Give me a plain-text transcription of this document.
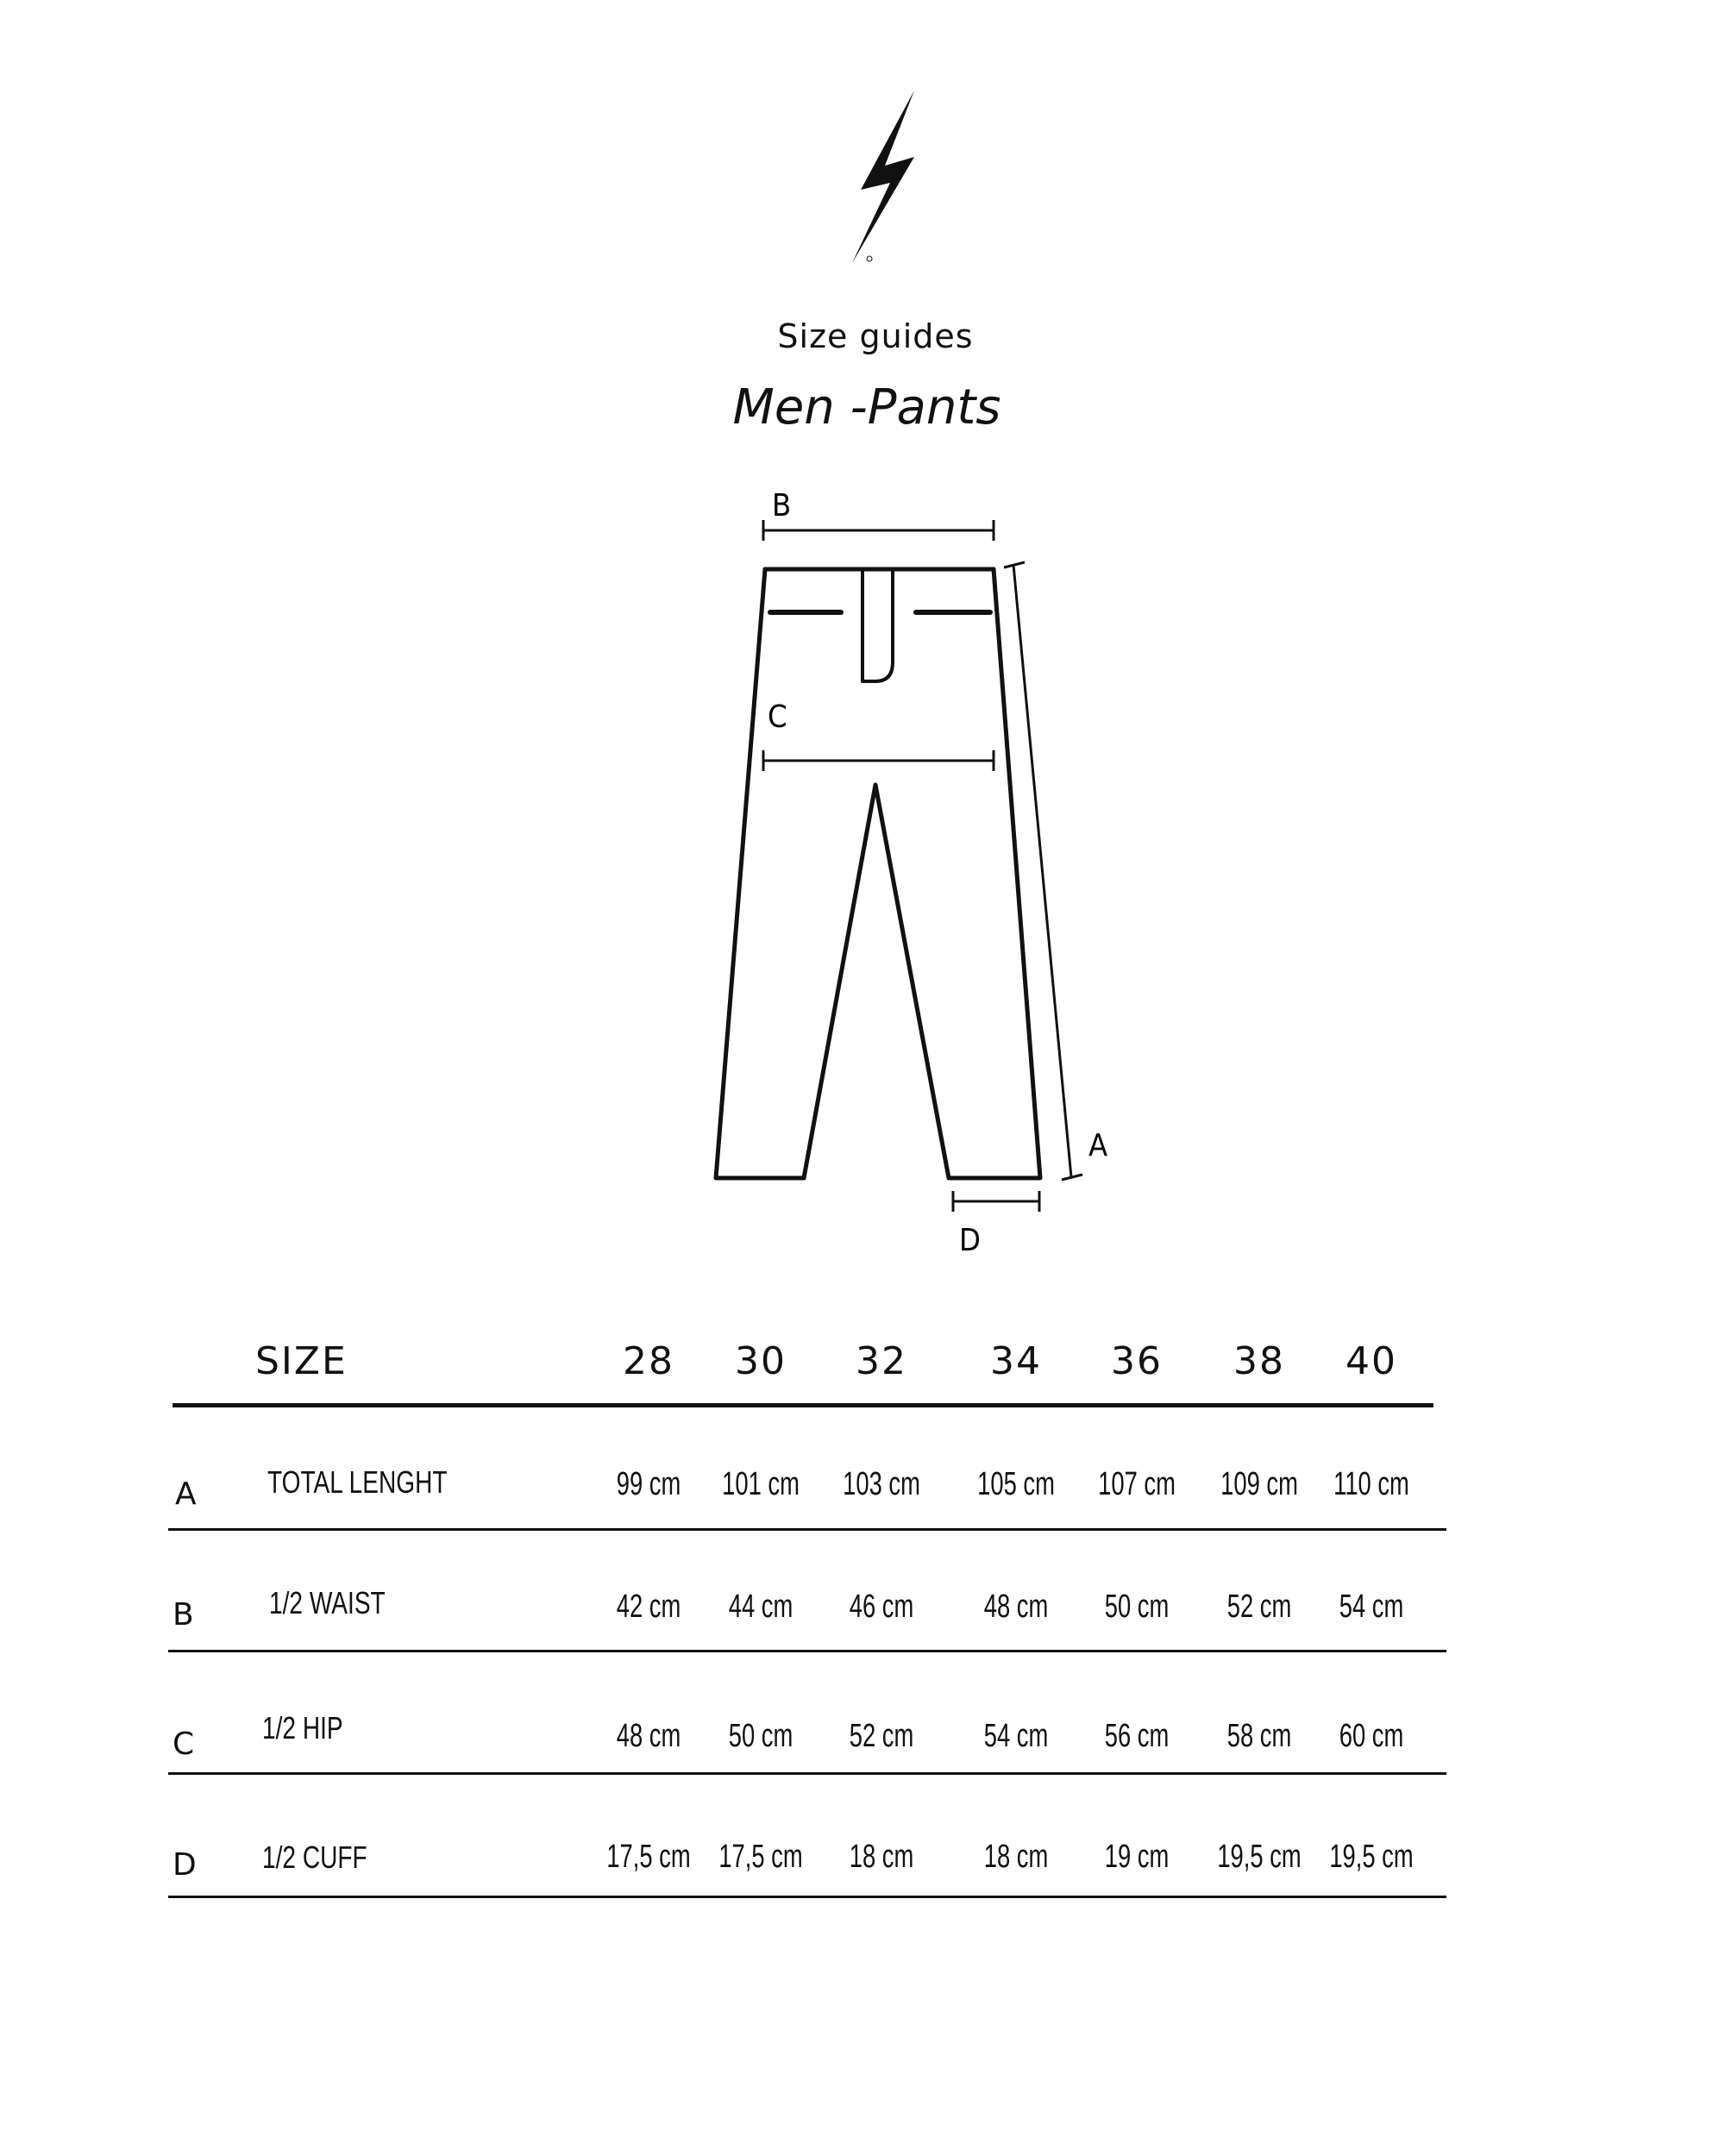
Size guides
Men -Pants
B
C
A
D
SIZE	28 30 32 34 36 38 40
A TOTAL LENGHT	99 cm	101 cm	103 cm	105 cm	107 cm	109 cm	110 cm
B 1/2 WAIST	42 cm	44 cm	46 cm	48 cm	50 cm	52 cm	54 cm
C 1/2 HIP	48 cm	50 cm	52 cm	54 cm	56 cm	58 cm	60 cm
D 1/2 CUFF	17,5 cm 17,5 cm	18 cm	18 cm	19 cm	19,5 cm 19,5 cm
